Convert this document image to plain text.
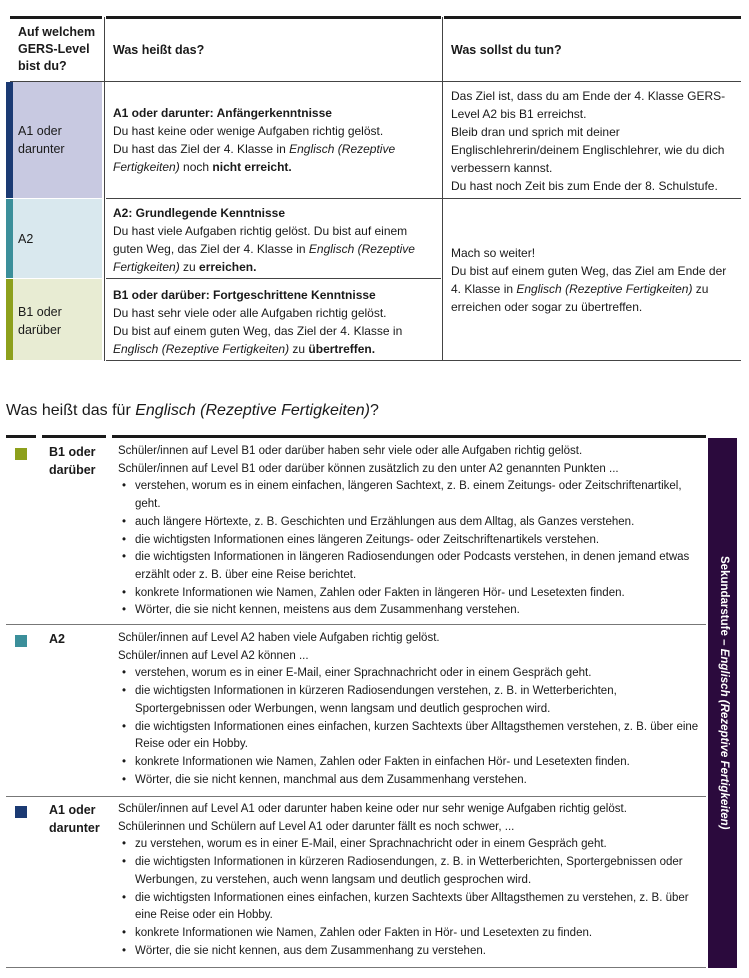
Auf welchem GERS-Level bist du?
Was heißt das?	Was sollst du tun?
A1 oder darunter

A1 oder darunter: Anfängerkenntnisse

Du hast keine oder wenige Aufgaben richtig gelöst.

Du hast das Ziel der 4. Klasse in Englisch (Rezeptive Fertigkeiten) noch nicht erreicht.

Das Ziel ist, dass du am Ende der 4. Klasse GERS-Level A2 bis B1 erreichst.

Bleib dran und sprich mit deiner Englischlehrerin/deinem Englischlehrer, wie du dich verbessern kannst.

Du hast noch Zeit bis zum Ende der 8. Schulstufe.

A2

A2: Grundlegende Kenntnisse

Du hast viele Aufgaben richtig gelöst. Du bist auf einem guten Weg, das Ziel der 4. Klasse in Englisch (Rezeptive Fertigkeiten) zu erreichen.

B1 oder darüber

B1 oder darüber: Fortgeschrittene Kenntnisse

Du hast sehr viele oder alle Aufgaben richtig gelöst.

Du bist auf einem guten Weg, das Ziel der 4. Klasse in Englisch (Rezeptive Fertigkeiten) zu übertreffen.

Mach so weiter!

Du bist auf einem guten Weg, das Ziel am Ende der 4. Klasse in Englisch (Rezeptive Fertigkeiten) zu erreichen oder sogar zu übertreffen.

Was heißt das für Englisch (Rezeptive Fertigkeiten)?
B1 oder darüber

Schüler/innen auf Level B1 oder darüber haben sehr viele oder alle Aufgaben richtig gelöst.

Schüler/innen auf Level B1 oder darüber können zusätzlich zu den unter A2 genannten Punkten ...

• verstehen, worum es in einem einfachen, längeren Sachtext, z. B. einem Zeitungs- oder Zeitschriftenartikel, geht.
• auch längere Hörtexte, z. B. Geschichten und Erzählungen aus dem Alltag, als Ganzes verstehen.
• die wichtigsten Informationen eines längeren Zeitungs- oder Zeitschriftenartikels verstehen.
• die wichtigsten Informationen in längeren Radiosendungen oder Podcasts verstehen, in denen jemand etwas erzählt oder z. B. über eine Reise berichtet.
• konkrete Informationen wie Namen, Zahlen oder Fakten in längeren Hör- und Lesetexten finden.
• Wörter, die sie nicht kennen, meistens aus dem Zusammenhang verstehen.
A2	Schüler/innen auf Level A2 haben viele Aufgaben richtig gelöst.

Schüler/innen auf Level A2 können ...

• verstehen, worum es in einer E-Mail, einer Sprachnachricht oder in einem Gespräch geht.
• die wichtigsten Informationen in kürzeren Radiosendungen verstehen, z. B. in Wetterberichten, Sportergebnissen oder Werbungen, wenn langsam und deutlich gesprochen wird.
• die wichtigsten Informationen eines einfachen, kurzen Sachtexts über Alltagsthemen verstehen, z. B. über eine Reise oder ein Hobby.
• konkrete Informationen wie Namen, Zahlen oder Fakten in einfachen Hör- und Lesetexten finden.
• Wörter, die sie nicht kennen, manchmal aus dem Zusammenhang verstehen.
A1 oder darunter

Schüler/innen auf Level A1 oder darunter haben keine oder nur sehr wenige Aufgaben richtig gelöst.

Schülerinnen und Schülern auf Level A1 oder darunter fällt es noch schwer, ...

• zu verstehen, worum es in einer E-Mail, einer Sprachnachricht oder in einem Gespräch geht.
• die wichtigsten Informationen in kürzeren Radiosendungen, z. B. in Wetterberichten, Sportergebnissen oder Werbungen, zu verstehen, auch wenn langsam und deutlich gesprochen wird.
• die wichtigsten Informationen eines einfachen, kurzen Sachtexts über Alltagsthemen zu verstehen, z. B. über eine Reise oder ein Hobby.
• konkrete Informationen wie Namen, Zahlen oder Fakten in Hör- und Lesetexten zu finden.
• Wörter, die sie nicht kennen, aus dem Zusammenhang zu verstehen.
Sekundarstufe – Englisch (Rezeptive Fertigkeiten)
